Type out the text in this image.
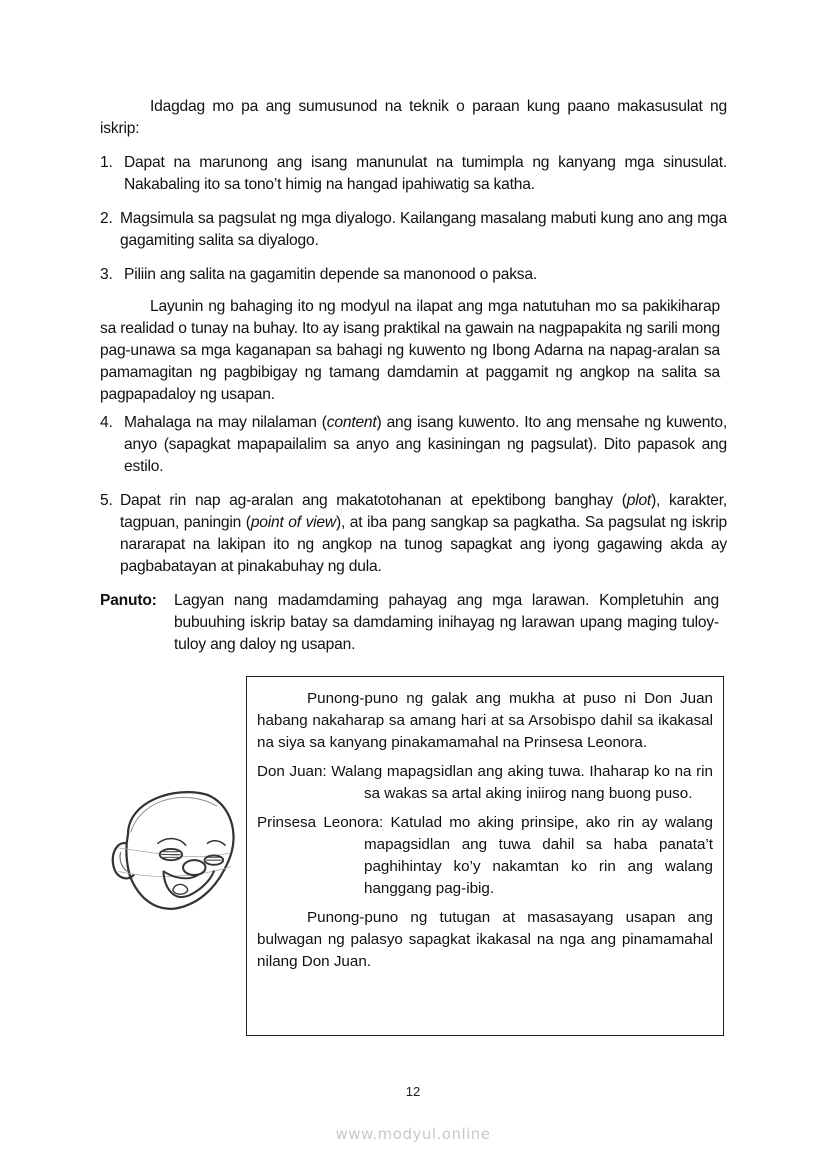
Idagdag mo pa ang sumusunod na teknik o paraan kung paano makasusulat ng iskrip:

1. Dapat na marunong ang isang manunulat na tumimpla ng kanyang mga sinusulat. Nakabaling ito sa tono’t himig na hangad ipahiwatig sa katha.
2. Magsimula sa pagsulat ng mga diyalogo. Kailangang masalang mabuti kung ano ang mga gagamiting salita sa diyalogo.
3. Piliin ang salita na gagamitin depende sa manonood o paksa.

Layunin ng bahaging ito ng modyul na ilapat ang mga natutuhan mo sa pakikiharap sa realidad o tunay na buhay. Ito ay isang praktikal na gawain na nagpapakita ng sarili mong pag-unawa sa mga kaganapan sa bahagi ng kuwento ng Ibong Adarna na napag-aralan sa pamamagitan ng pagbibigay ng tamang damdamin at paggamit ng angkop na salita sa pagpapadaloy ng usapan.

4. Mahalaga na may nilalaman (content) ang isang kuwento. Ito ang mensahe ng kuwento, anyo (sapagkat mapapailalim sa anyo ang kasiningan ng pagsulat). Dito papasok ang estilo.
5. Dapat rin nap ag-aralan ang makatotohanan at epektibong banghay (plot), karakter, tagpuan, paningin (point of view), at iba pang sangkap sa pagkatha. Sa pagsulat ng iskrip nararapat na lakipan ito ng angkop na tunog sapagkat ang iyong gagawing akda ay pagbabatayan at pinakabuhay ng dula.
Panuto: Lagyan nang madamdaming pahayag ang mga larawan. Kompletuhin ang bubuuhing iskrip batay sa damdaming inihayag ng larawan upang maging tuloy-tuloy ang daloy ng usapan.

Punong-puno ng galak ang mukha at puso ni Don Juan habang nakaharap sa amang hari at sa Arsobispo dahil sa ikakasal na siya sa kanyang pinakamamahal na Prinsesa Leonora.

Don Juan: Walang mapagsidlan ang aking tuwa. Ihaharap ko na rin sa wakas sa artal aking iniirog nang buong puso.

Prinsesa Leonora: Katulad mo aking prinsipe, ako rin ay walang mapagsidlan ang tuwa dahil sa haba panata’t paghihintay ko’y nakamtan ko rin ang walang hanggang pag-ibig.

Punong-puno ng tutugan at masasayang usapan ang bulwagan ng palasyo sapagkat ikakasal na nga ang pinamamahal nilang Don Juan.

12
www.modyul.online
